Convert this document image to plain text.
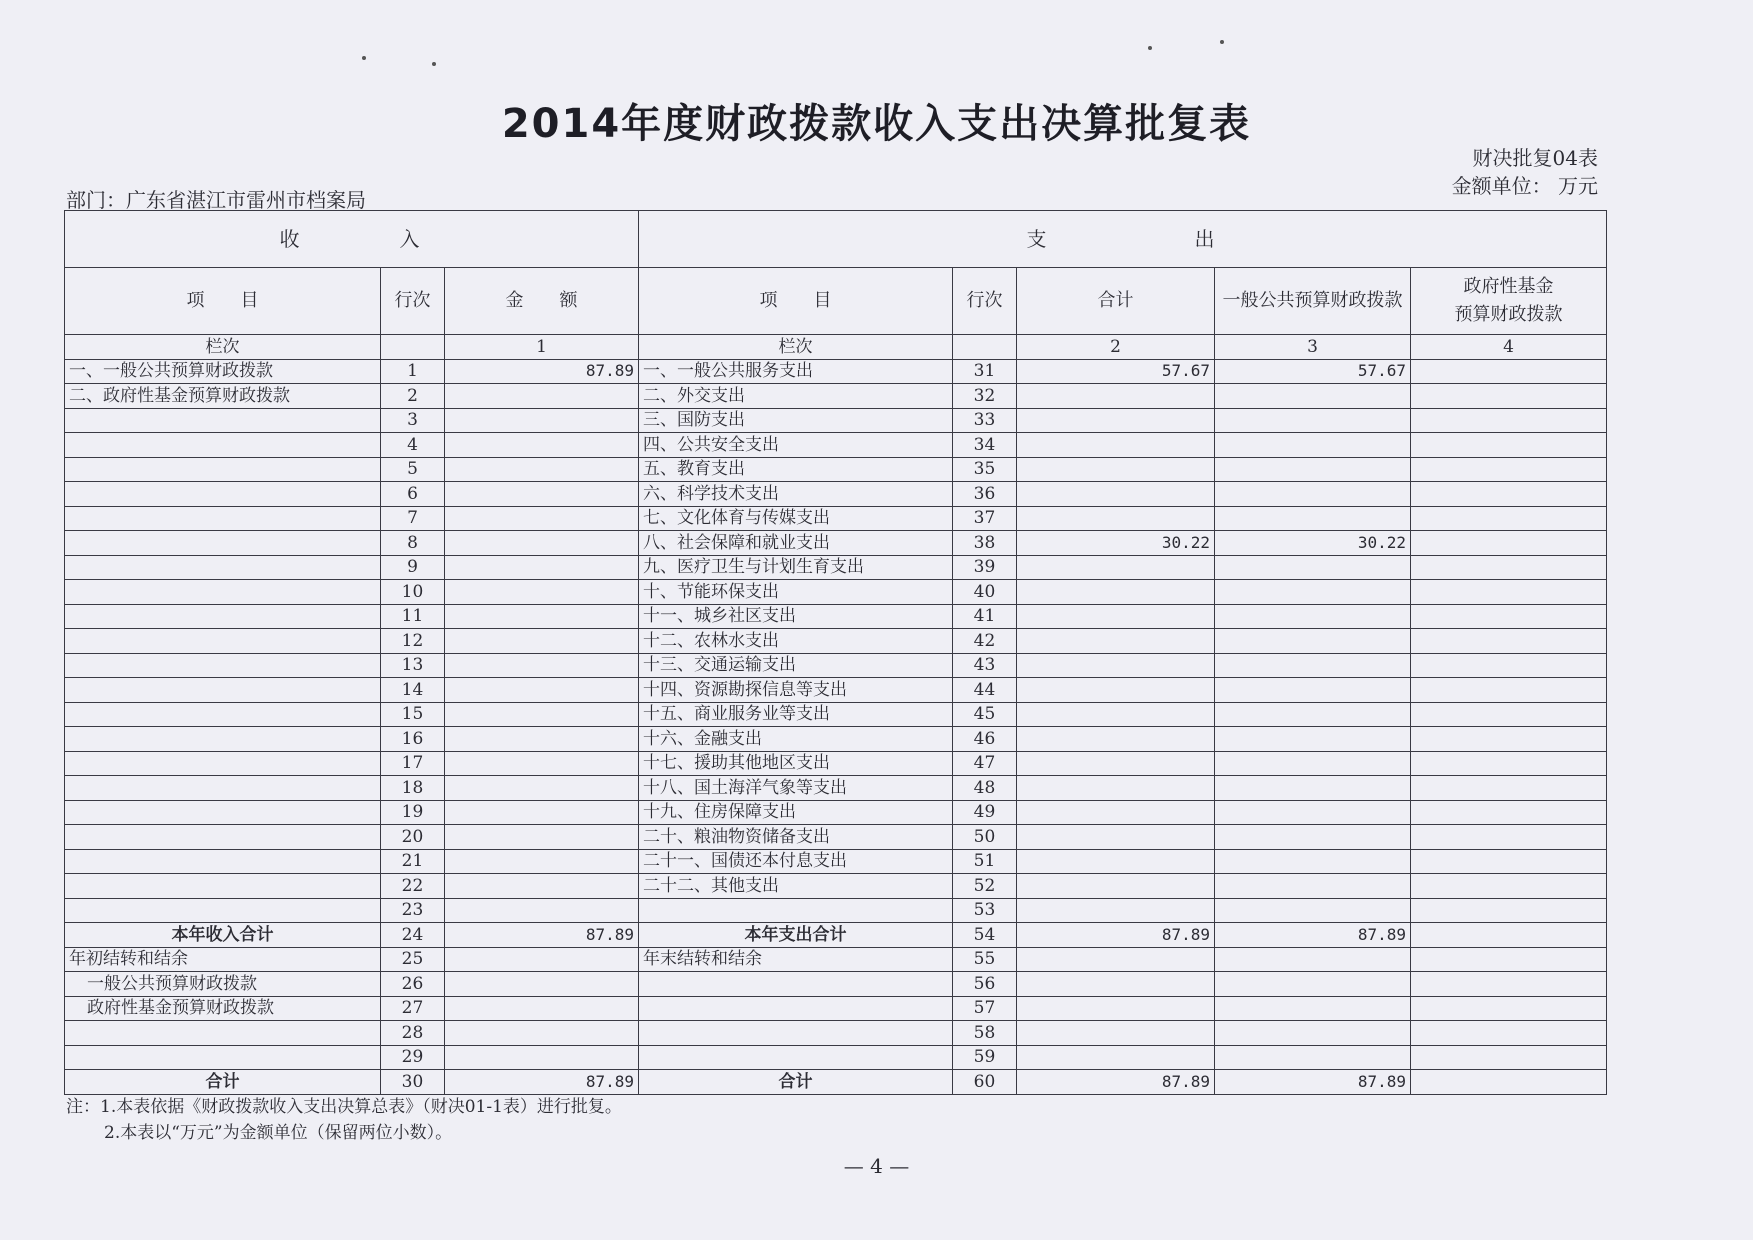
2014年度财政拨款收入支出决算批复表
财决批复04表
金额单位： 万元
部门：广东省湛江市雷州市档案局
收　　　　入			支　　　　　　出				
项　　目	行次	金　　额	项　　目	行次	合计	一般公共预算财政拨款	政府性基金
预算财政拨款

栏次		1	栏次		2	3	4
一、一般公共预算财政拨款	1	87.89	一、一般公共服务支出	31	57.67	57.67	
二、政府性基金预算财政拨款	2		二、外交支出	32			
	3		三、国防支出	33			
	4		四、公共安全支出	34			
	5		五、教育支出	35			
	6		六、科学技术支出	36			
	7		七、文化体育与传媒支出	37			
	8		八、社会保障和就业支出	38	30.22	30.22	
	9		九、医疗卫生与计划生育支出	39			
	10		十、节能环保支出	40			
	11		十一、城乡社区支出	41			
	12		十二、农林水支出	42			
	13		十三、交通运输支出	43			
	14		十四、资源勘探信息等支出	44			
	15		十五、商业服务业等支出	45			
	16		十六、金融支出	46			
	17		十七、援助其他地区支出	47			
	18		十八、国土海洋气象等支出	48			
	19		十九、住房保障支出	49			
	20		二十、粮油物资储备支出	50			
	21		二十一、国债还本付息支出	51			
	22		二十二、其他支出	52			
	23			53			
本年收入合计	24	87.89	本年支出合计	54	87.89	87.89	
年初结转和结余	25		年末结转和结余	55			
一般公共预算财政拨款	26			56			
政府性基金预算财政拨款	27			57			
	28			58			
	29			59			
合计	30	87.89	合计	60	87.89	87.89	
注：1.本表依据《财政拨款收入支出决算总表》（财决01-1表）进行批复。
2.本表以“万元”为金额单位（保留两位小数）。
— 4 —
